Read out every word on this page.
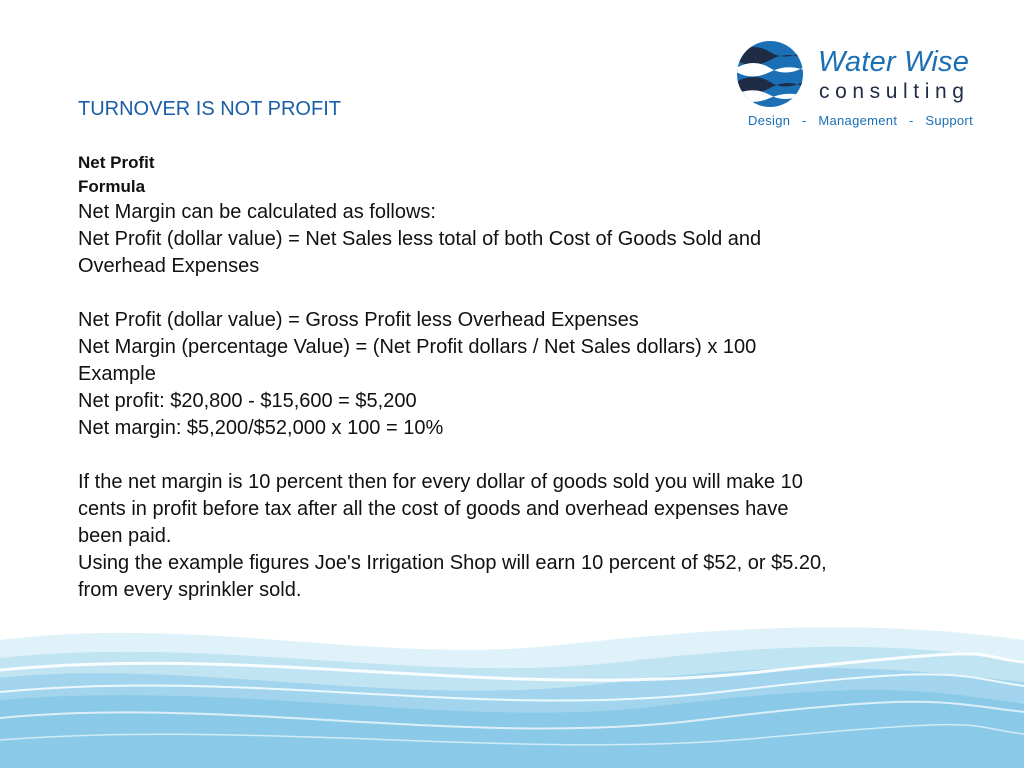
Water Wise
consulting
Design   -   Management   -   Support
TURNOVER IS NOT PROFIT

Net Profit

Formula

Net Margin can be calculated as follows:

Net Profit (dollar value) = Net Sales less total of both Cost of Goods Sold and Overhead Expenses

Net Profit (dollar value) = Gross Profit less Overhead Expenses

Net Margin (percentage Value) = (Net Profit dollars / Net Sales dollars) x 100

Example

Net profit: $20,800 - $15,600 = $5,200

Net margin: $5,200/$52,000 x 100 = 10%

If the net margin is 10 percent then for every dollar of goods sold you will make 10 cents in profit before tax after all the cost of goods and overhead expenses have been paid.

Using the example figures Joe's Irrigation Shop will earn 10 percent of $52, or $5.20, from every sprinkler sold.
